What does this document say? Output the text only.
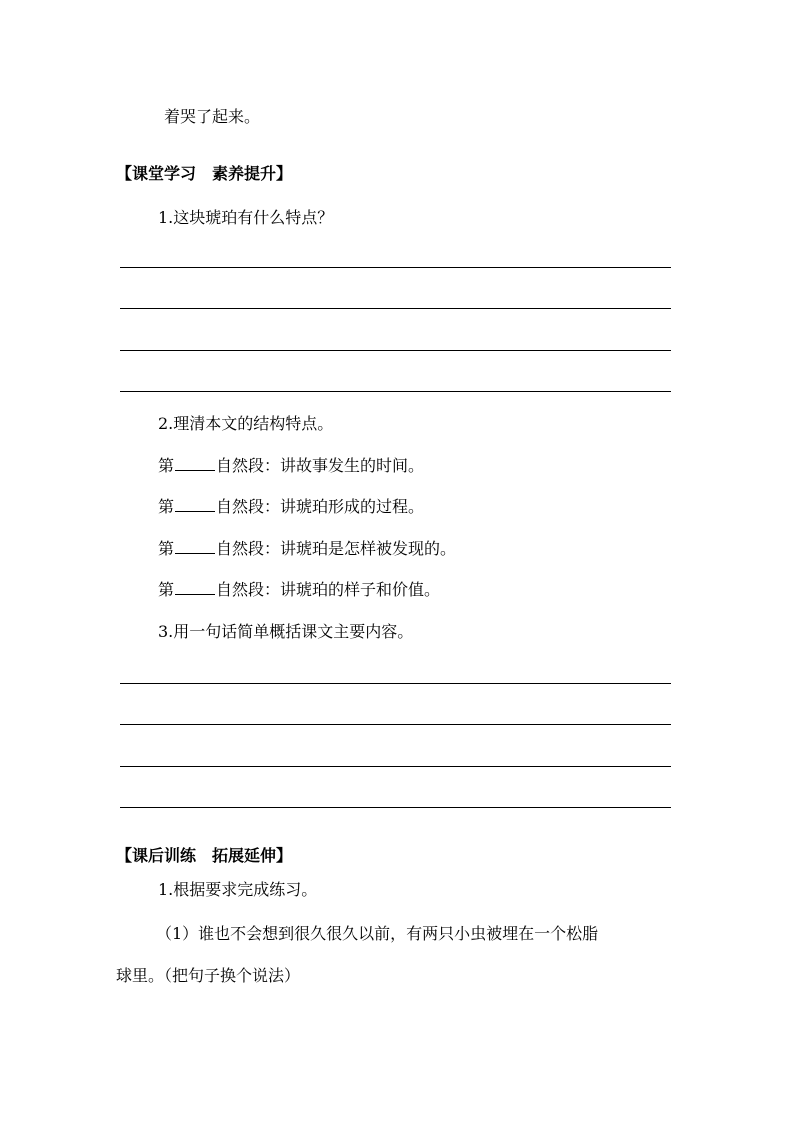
着哭了起来。
【课堂学习　素养提升】
1.这块琥珀有什么特点？
2.理清本文的结构特点。
第	自然段：讲故事发生的时间。
第	自然段：讲琥珀形成的过程。
第	自然段：讲琥珀是怎样被发现的。
第	自然段：讲琥珀的样子和价值。
3.用一句话简单概括课文主要内容。
【课后训练　拓展延伸】
1.根据要求完成练习。
（1）谁也不会想到很久很久以前，有两只小虫被埋在一个松脂
球里。（把句子换个说法）
